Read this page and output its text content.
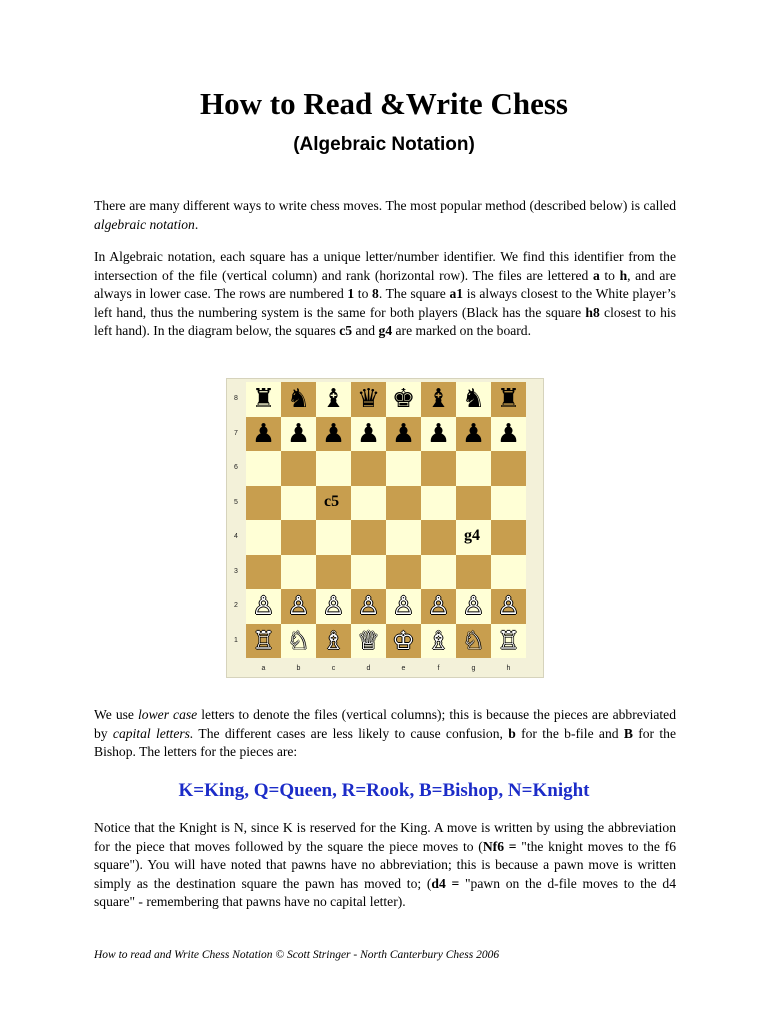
How to Read &Write Chess
(Algebraic Notation)

There are many different ways to write chess moves. The most popular method (described below) is called algebraic notation.

In Algebraic notation, each square has a unique letter/number identifier. We find this identifier from the intersection of the file (vertical column) and rank (horizontal row). The files are lettered a to h, and are always in lower case. The rows are numbered 1 to 8. The square a1 is always closest to the White player’s left hand, thus the numbering system is the same for both players (Black has the square h8 closest to his left hand). In the diagram below, the squares c5 and g4 are marked on the board.

♜ ♞ ♝ ♛ ♚ ♝ ♞ ♜
♟ ♟ ♟ ♟ ♟ ♟ ♟ ♟
c5
g4
♙ ♙ ♙ ♙ ♙ ♙ ♙ ♙
♖ ♘ ♗ ♕ ♔ ♗ ♘ ♖
8
7
6
5
4
3
2
1
a	b	c	d	e	f	g	h

We use lower case letters to denote the files (vertical columns); this is because the pieces are abbreviated by capital letters. The different cases are less likely to cause confusion, b for the b-file and B for the Bishop. The letters for the pieces are:

K=King, Q=Queen, R=Rook, B=Bishop, N=Knight

Notice that the Knight is N, since K is reserved for the King. A move is written by using the abbreviation for the piece that moves followed by the square the piece moves to (Nf6 = "the knight moves to the f6 square"). You will have noted that pawns have no abbreviation; this is because a pawn move is written simply as the destination square the pawn has moved to; (d4 = "pawn on the d-file moves to the d4 square" - remembering that pawns have no capital letter).

How to read and Write Chess Notation © Scott Stringer - North Canterbury Chess 2006
